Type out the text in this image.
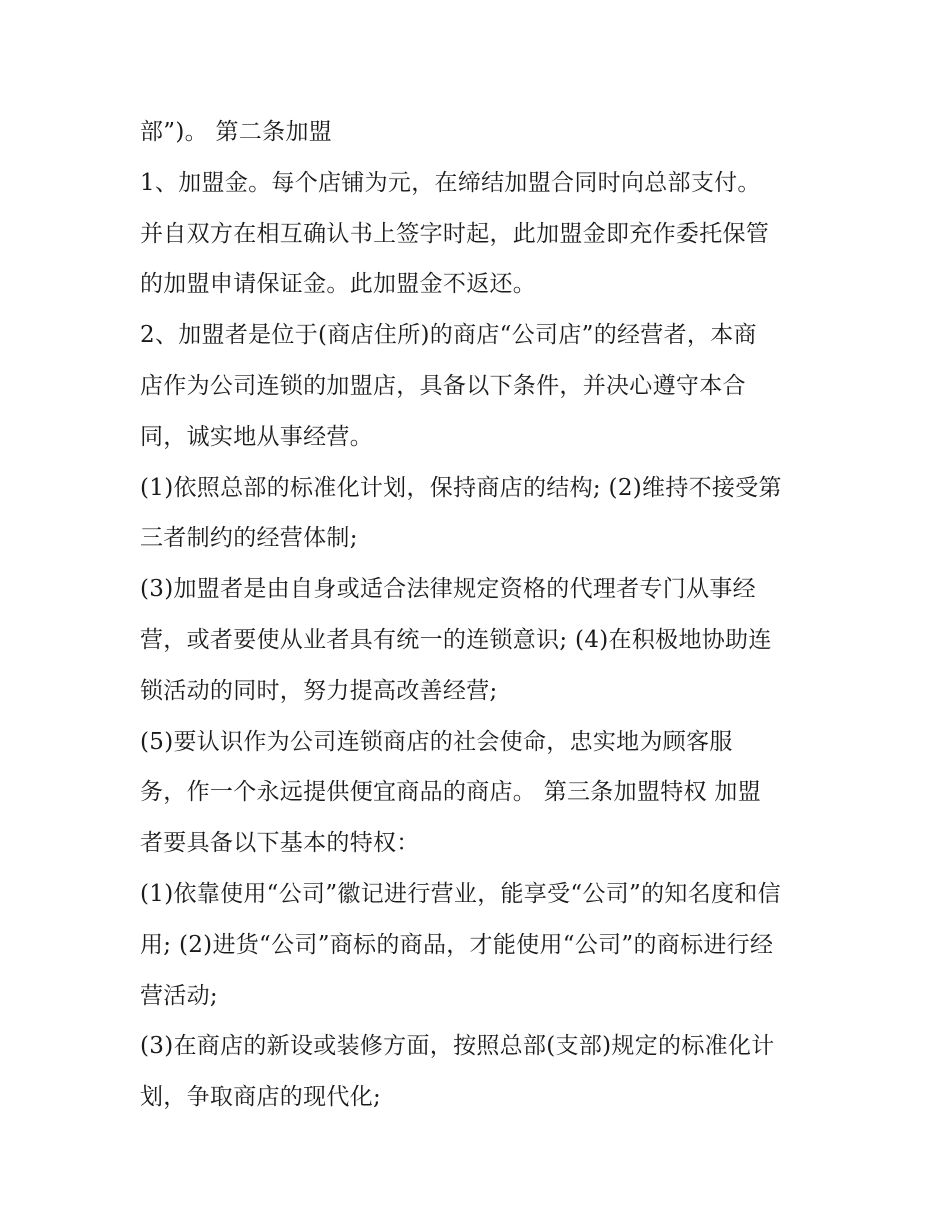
部”)。 第二条加盟
1、加盟金。每个店铺为元，在缔结加盟合同时向总部支付。
并自双方在相互确认书上签字时起，此加盟金即充作委托保管
的加盟申请保证金。此加盟金不返还。
2、加盟者是位于(商店住所)的商店“公司店”的经营者，本商
店作为公司连锁的加盟店，具备以下条件，并决心遵守本合
同，诚实地从事经营。
(1)依照总部的标准化计划，保持商店的结构; (2)维持不接受第
三者制约的经营体制;
(3)加盟者是由自身或适合法律规定资格的代理者专门从事经
营，或者要使从业者具有统一的连锁意识; (4)在积极地协助连
锁活动的同时，努力提高改善经营;
(5)要认识作为公司连锁商店的社会使命，忠实地为顾客服
务，作一个永远提供便宜商品的商店。 第三条加盟特权 加盟
者要具备以下基本的特权：
(1)依靠使用“公司”徽记进行营业，能享受“公司”的知名度和信
用; (2)进货“公司”商标的商品，才能使用“公司”的商标进行经
营活动;
(3)在商店的新设或装修方面，按照总部(支部)规定的标准化计
划，争取商店的现代化;
